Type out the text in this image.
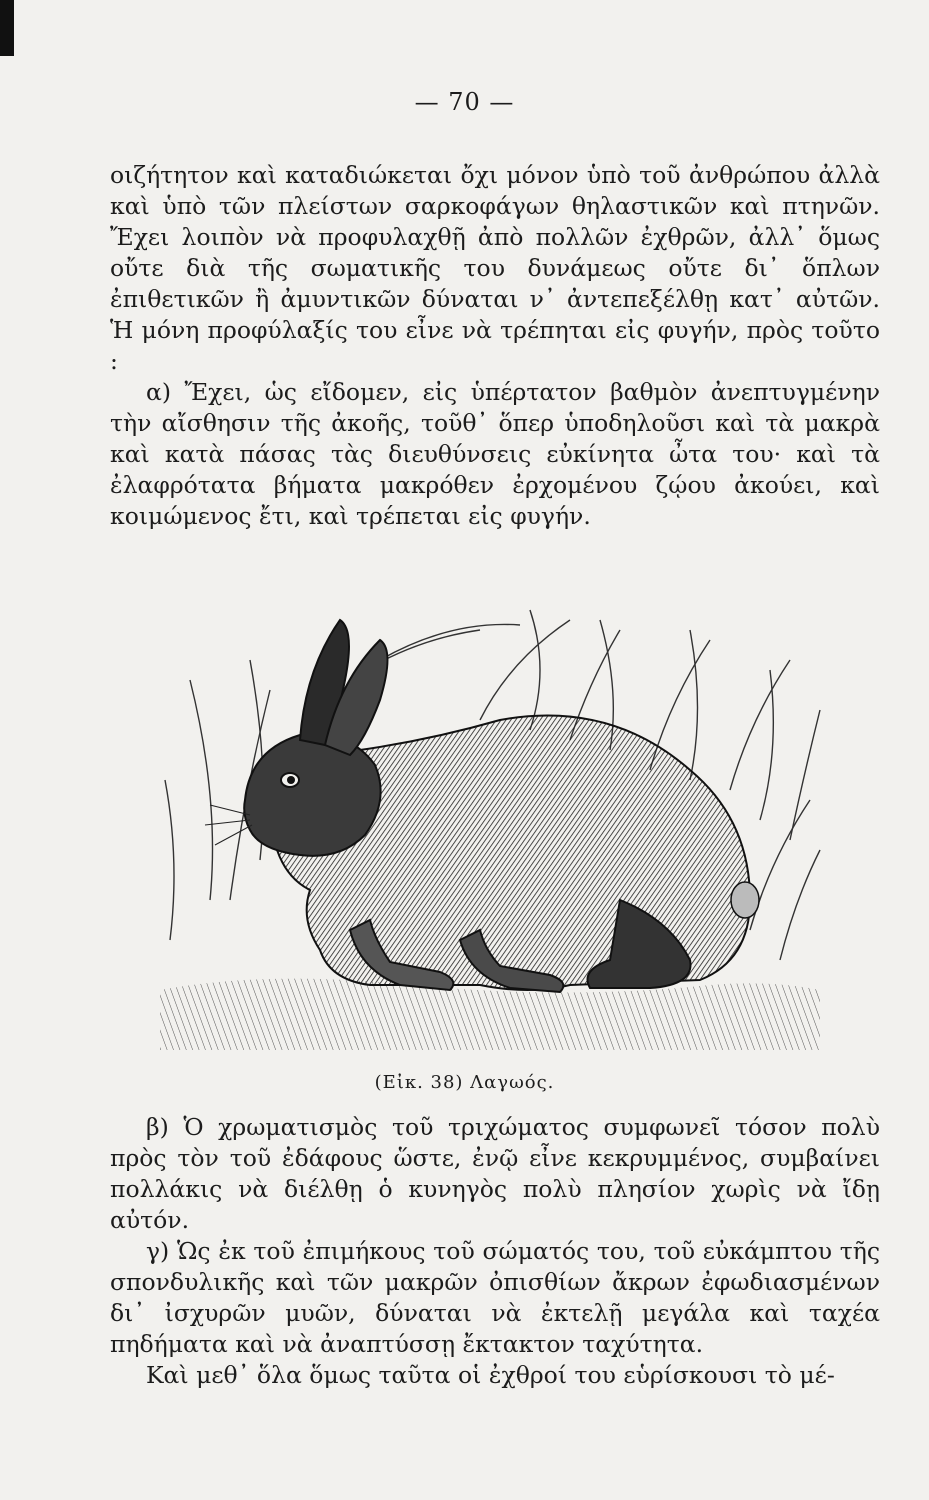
— 70 —

οιζήτητον καὶ καταδιώκεται ὄχι μόνον ὑπὸ τοῦ ἀνθρώπου ἀλλὰ καὶ ὑπὸ τῶν πλείστων σαρκοφάγων θηλαστικῶν καὶ πτηνῶν. Ἔχει λοιπὸν νὰ προφυλαχθῇ ἀπὸ πολλῶν ἐχθρῶν, ἀλλ᾽ ὅμως οὔτε διὰ τῆς σωματικῆς του δυνάμεως οὔτε δι᾽ ὅπλων ἐπιθετικῶν ἢ ἀμυντικῶν δύναται ν᾽ ἀντεπεξέλθῃ κατ᾽ αὐτῶν. Ἡ μόνη προφύλαξίς του εἶνε νὰ τρέπηται εἰς φυγήν, πρὸς τοῦτο :

α) Ἔχει, ὡς εἴδομεν, εἰς ὑπέρτατον βαθμὸν ἀνεπτυγμένην τὴν αἴσθησιν τῆς ἀκοῆς, τοῦθ᾽ ὅπερ ὑποδηλοῦσι καὶ τὰ μακρὰ καὶ κατὰ πάσας τὰς διευθύνσεις εὐκίνητα ὦτα του· καὶ τὰ ἐλαφρότατα βήματα μακρόθεν ἐρχομένου ζῴου ἀκούει, καὶ κοιμώμενος ἔτι, καὶ τρέπεται εἰς φυγήν.

(Εἰκ. 38) Λαγωός.

β) Ὁ χρωματισμὸς τοῦ τριχώματος συμφωνεῖ τόσον πολὺ πρὸς τὸν τοῦ ἐδάφους ὥστε, ἐνῷ εἶνε κεκρυμμένος, συμβαίνει πολλάκις νὰ διέλθῃ ὁ κυνηγὸς πολὺ πλησίον χωρὶς νὰ ἴδῃ αὐτόν.

γ) Ὡς ἐκ τοῦ ἐπιμήκους τοῦ σώματός του, τοῦ εὐκάμπτου τῆς σπονδυλικῆς καὶ τῶν μακρῶν ὀπισθίων ἄκρων ἐφωδιασμένων δι᾽ ἰσχυρῶν μυῶν, δύναται νὰ ἐκτελῇ μεγάλα καὶ ταχέα πηδήματα καὶ νὰ ἀναπτύσσῃ ἔκτακτον ταχύτητα.

Καὶ μεθ᾽ ὅλα ὅμως ταῦτα οἱ ἐχθροί του εὑρίσκουσι τὸ μέ-
